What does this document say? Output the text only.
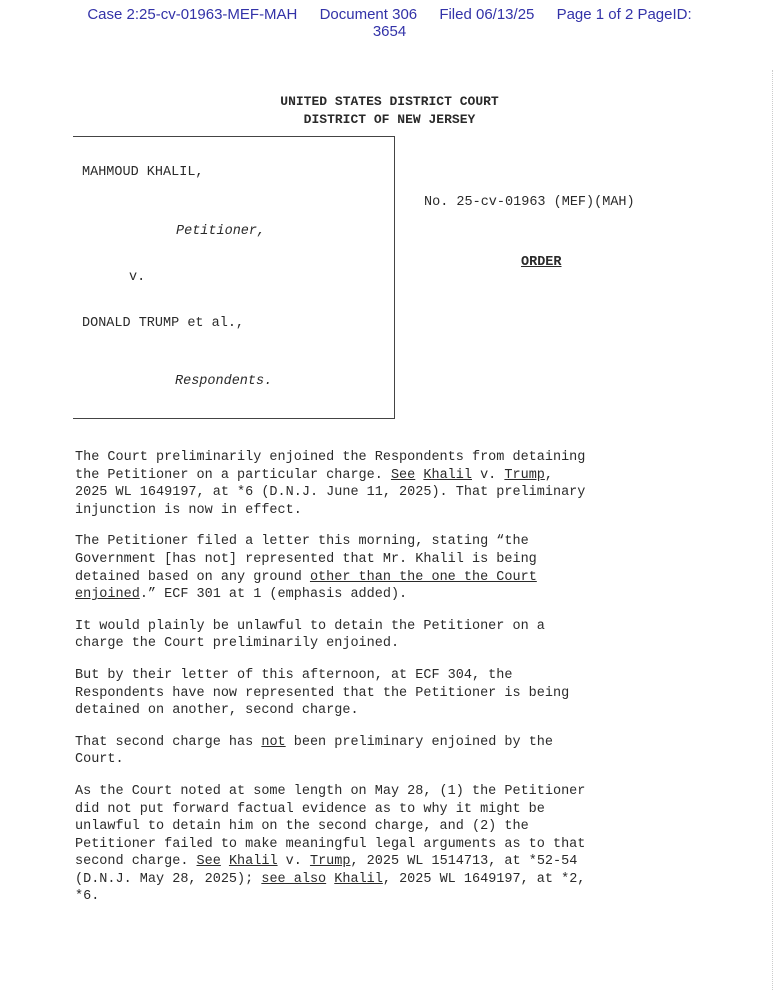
Case 2:25-cv-01963-MEF-MAH Document 306 Filed 06/13/25 Page 1 of 2 PageID:
3654
UNITED STATES DISTRICT COURT
DISTRICT OF NEW JERSEY
MAHMOUD KHALIL,
Petitioner,
v.
DONALD TRUMP et al.,
Respondents.
No. 25-cv-01963 (MEF)(MAH)
ORDER

The Court preliminarily enjoined the Respondents from detaining
the Petitioner on a particular charge. See Khalil v. Trump,
2025 WL 1649197, at *6 (D.N.J. June 11, 2025). That preliminary
injunction is now in effect.

The Petitioner filed a letter this morning, stating “the
Government [has not] represented that Mr. Khalil is being
detained based on any ground other than the one the Court
enjoined.” ECF 301 at 1 (emphasis added).

It would plainly be unlawful to detain the Petitioner on a
charge the Court preliminarily enjoined.

But by their letter of this afternoon, at ECF 304, the
Respondents have now represented that the Petitioner is being
detained on another, second charge.

That second charge has not been preliminary enjoined by the
Court.

As the Court noted at some length on May 28, (1) the Petitioner
did not put forward factual evidence as to why it might be
unlawful to detain him on the second charge, and (2) the
Petitioner failed to make meaningful legal arguments as to that
second charge. See Khalil v. Trump, 2025 WL 1514713, at *52-54
(D.N.J. May 28, 2025); see also Khalil, 2025 WL 1649197, at *2,
*6.
